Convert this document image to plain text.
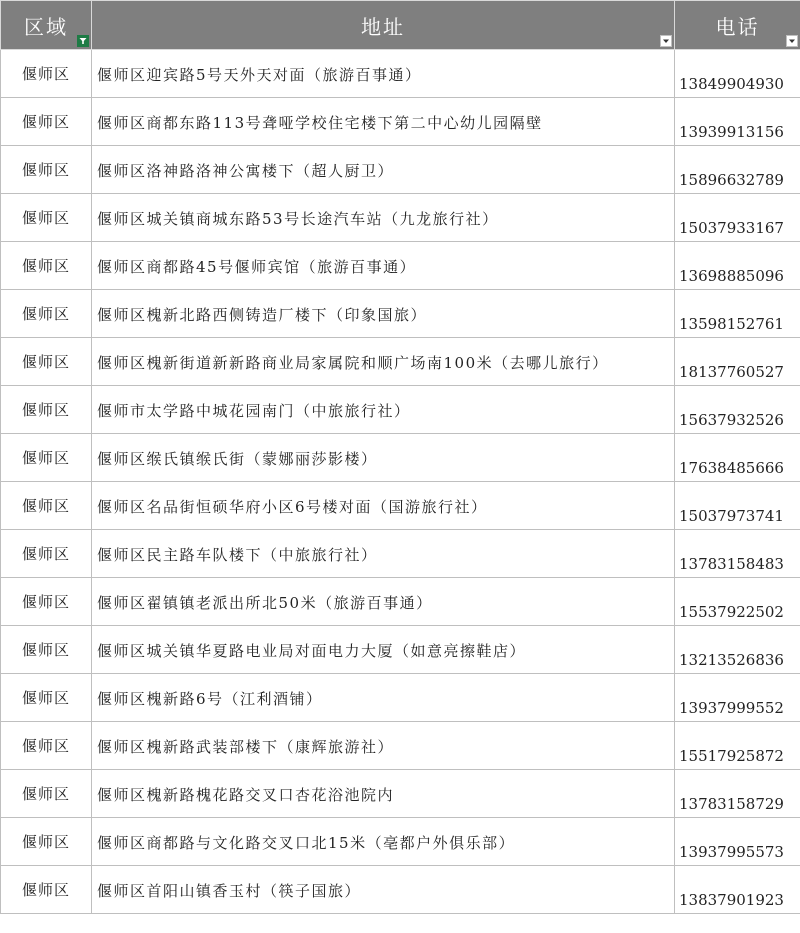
区域	地址	电话

偃师区	偃师区迎宾路5号天外天对面（旅游百事通）	13849904930
偃师区	偃师区商都东路113号聋哑学校住宅楼下第二中心幼儿园隔壁	13939913156
偃师区	偃师区洛神路洛神公寓楼下（超人厨卫）	15896632789
偃师区	偃师区城关镇商城东路53号长途汽车站（九龙旅行社）	15037933167
偃师区	偃师区商都路45号偃师宾馆（旅游百事通）	13698885096
偃师区	偃师区槐新北路西侧铸造厂楼下（印象国旅）	13598152761
偃师区	偃师区槐新街道新新路商业局家属院和顺广场南100米（去哪儿旅行）	18137760527
偃师区	偃师市太学路中城花园南门（中旅旅行社）	15637932526
偃师区	偃师区缑氏镇缑氏街（蒙娜丽莎影楼）	17638485666
偃师区	偃师区名品街恒硕华府小区6号楼对面（国游旅行社）	15037973741
偃师区	偃师区民主路车队楼下（中旅旅行社）	13783158483
偃师区	偃师区翟镇镇老派出所北50米（旅游百事通）	15537922502
偃师区	偃师区城关镇华夏路电业局对面电力大厦（如意亮擦鞋店）	13213526836
偃师区	偃师区槐新路6号（江利酒铺）	13937999552
偃师区	偃师区槐新路武装部楼下（康辉旅游社）	15517925872
偃师区	偃师区槐新路槐花路交叉口杏花浴池院内	13783158729
偃师区	偃师区商都路与文化路交叉口北15米（亳都户外俱乐部）	13937995573
偃师区	偃师区首阳山镇香玉村（筷子国旅）	13837901923
